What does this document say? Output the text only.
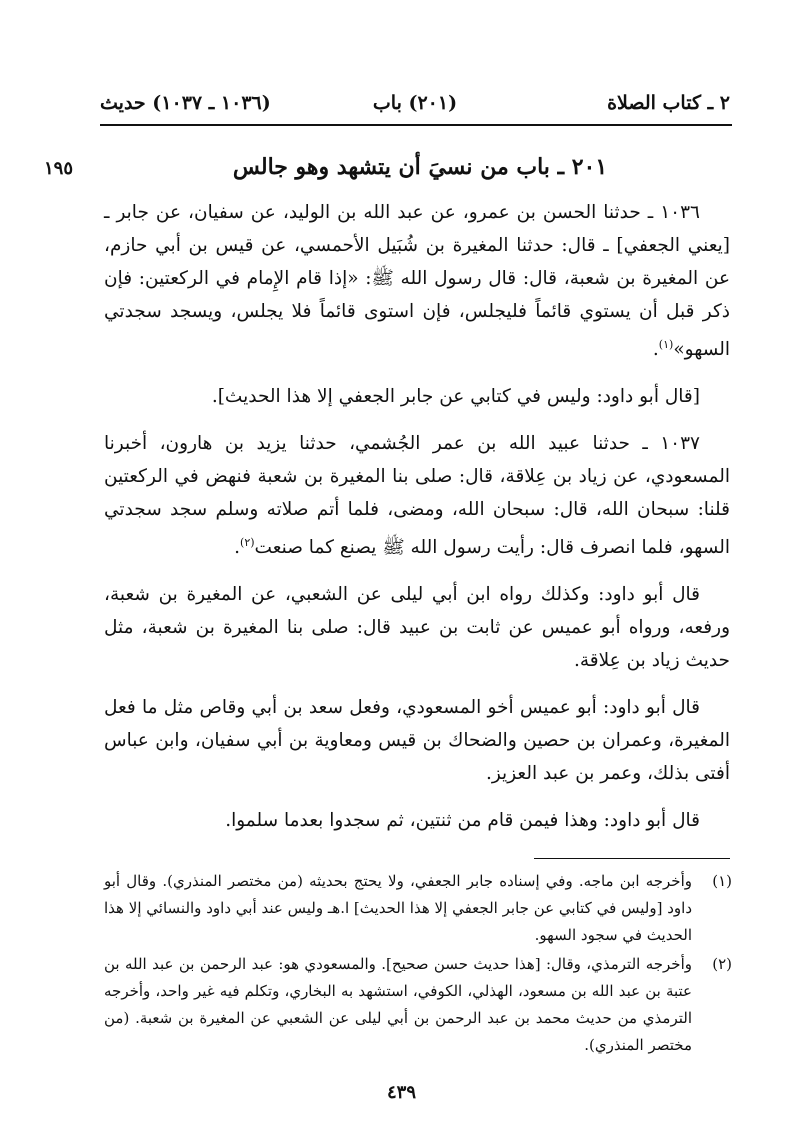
٢ ـ كتاب الصلاة
(٢٠١) باب
(١٠٣٦ ـ ١٠٣٧) حديث
١٩٥	٢٠١ ـ باب من نسيَ أن يتشهد وهو جالس

١٠٣٦ ـ حدثنا الحسن بن عمرو، عن عبد الله بن الوليد، عن سفيان، عن جابر ـ [يعني الجعفي] ـ قال: حدثنا المغيرة بن شُبَيل الأحمسي، عن قيس بن أبي حازم، عن المغيرة بن شعبة، قال: قال رسول الله ﷺ: «إذا قام الإِمام في الركعتين: فإن ذكر قبل أن يستوي قائماً فليجلس، فإن استوى قائماً فلا يجلس، ويسجد سجدتي السهو»$^{(١)}$.

[قال أبو داود: وليس في كتابي عن جابر الجعفي إلا هذا الحديث].

١٠٣٧ ـ حدثنا عبيد الله بن عمر الجُشمي، حدثنا يزيد بن هارون، أخبرنا المسعودي، عن زياد بن عِلاقة، قال: صلى بنا المغيرة بن شعبة فنهض في الركعتين قلنا: سبحان الله، قال: سبحان الله، ومضى، فلما أتم صلاته وسلم سجد سجدتي السهو، فلما انصرف قال: رأيت رسول الله ﷺ يصنع كما صنعت$^{(٢)}$.

قال أبو داود: وكذلك رواه ابن أبي ليلى عن الشعبي، عن المغيرة بن شعبة، ورفعه، ورواه أبو عميس عن ثابت بن عبيد قال: صلى بنا المغيرة بن شعبة، مثل حديث زياد بن عِلاقة.

قال أبو داود: أبو عميس أخو المسعودي، وفعل سعد بن أبي وقاص مثل ما فعل المغيرة، وعمران بن حصين والضحاك بن قيس ومعاوية بن أبي سفيان، وابن عباس أفتى بذلك، وعمر بن عبد العزيز.

قال أبو داود: وهذا فيمن قام من ثنتين، ثم سجدوا بعدما سلموا.

(١)

وأخرجه ابن ماجه. وفي إسناده جابر الجعفي، ولا يحتج بحديثه (من مختصر المنذري). وقال أبو داود [وليس في كتابي عن جابر الجعفي إلا هذا الحديث] ا.هـ وليس عند أبي داود والنسائي إلا هذا الحديث في سجود السهو.

(٢)

وأخرجه الترمذي، وقال: [هذا حديث حسن صحيح]. والمسعودي هو: عبد الرحمن بن عبد الله بن عتبة بن عبد الله بن مسعود، الهذلي، الكوفي، استشهد به البخاري، وتكلم فيه غير واحد، وأخرجه الترمذي من حديث محمد بن عبد الرحمن بن أبي ليلى عن الشعبي عن المغيرة بن شعبة. (من مختصر المنذري).

٤٣٩
